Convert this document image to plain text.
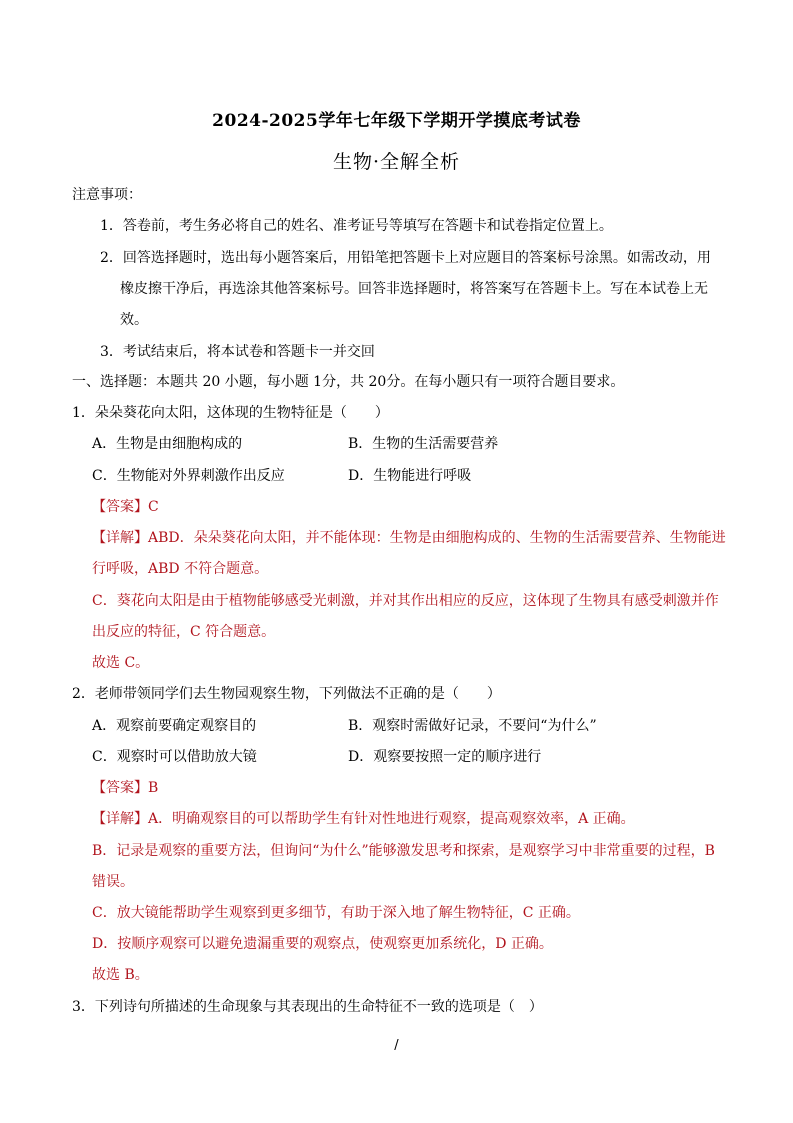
2024-2025学年七年级下学期开学摸底考试卷
生物·全解全析
注意事项：
1．答卷前，考生务必将自己的姓名、准考证号等填写在答题卡和试卷指定位置上。
2．回答选择题时，选出每小题答案后，用铅笔把答题卡上对应题目的答案标号涂黑。如需改动，用
橡皮擦干净后，再选涂其他答案标号。回答非选择题时，将答案写在答题卡上。写在本试卷上无
效。
3．考试结束后，将本试卷和答题卡一并交回
一、选择题：本题共 20 小题，每小题 1分，共 20分。在每小题只有一项符合题目要求。
1．朵朵葵花向太阳，这体现的生物特征是（　　）
A．生物是由细胞构成的	B．生物的生活需要营养
C．生物能对外界刺激作出反应	D．生物能进行呼吸
【答案】C
【详解】ABD．朵朵葵花向太阳，并不能体现：生物是由细胞构成的、生物的生活需要营养、生物能进
行呼吸，ABD 不符合题意。
C．葵花向太阳是由于植物能够感受光刺激，并对其作出相应的反应，这体现了生物具有感受刺激并作
出反应的特征，C 符合题意。
故选 C。
2．老师带领同学们去生物园观察生物，下列做法不正确的是（　　）
A．观察前要确定观察目的	B．观察时需做好记录，不要问“为什么”
C．观察时可以借助放大镜	D．观察要按照一定的顺序进行
【答案】B
【详解】A．明确观察目的可以帮助学生有针对性地进行观察，提高观察效率，A 正确。
B．记录是观察的重要方法，但询问“为什么”能够激发思考和探索，是观察学习中非常重要的过程，B
错误。
C．放大镜能帮助学生观察到更多细节，有助于深入地了解生物特征，C 正确。
D．按顺序观察可以避免遗漏重要的观察点，使观察更加系统化，D 正确。
故选 B。
3．下列诗句所描述的生命现象与其表现出的生命特征不一致的选项是（　）
/
